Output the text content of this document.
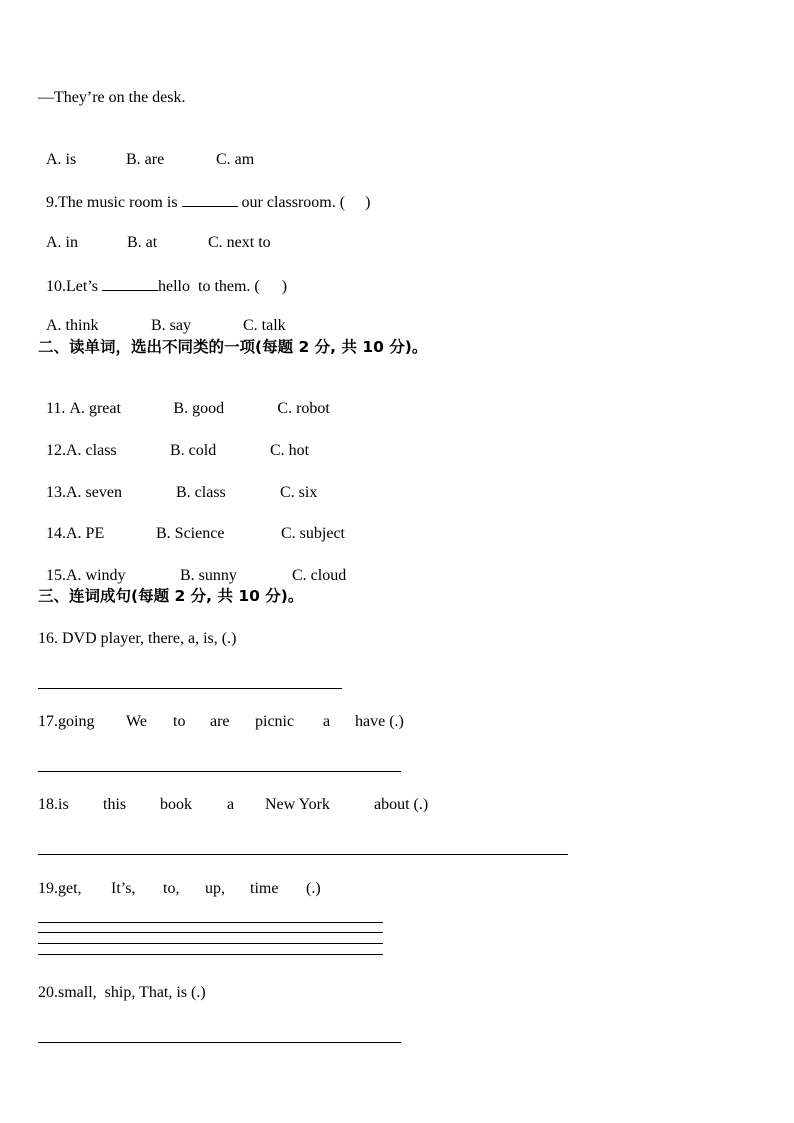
—They’re on the desk.

A. is	B. are	C. am

9.The music room is	our classroom. ( )

A. in	B. at	C. next to

10.Let’s	hello  to them. ( )

A. think	B. say	C. talk

二、读单词，选出不同类的一项(每题 2 分, 共 10 分)。

11. A. great	B. good	C. robot

12.A. class	B. cold	C. hot

13.A. seven	B. class	C. six

14.A. PE	B. Science	C. subject

15.A. windy	B. sunny	C. cloud

三、连词成句(每题 2 分, 共 10 分)。
16. DVD player, there, a, is, (.)
17.going We to are picnic a have (.)
18.is this book a New York	about (.)
19.get, It’s, to, up, time (.)
20.small,  ship, That, is (.)
